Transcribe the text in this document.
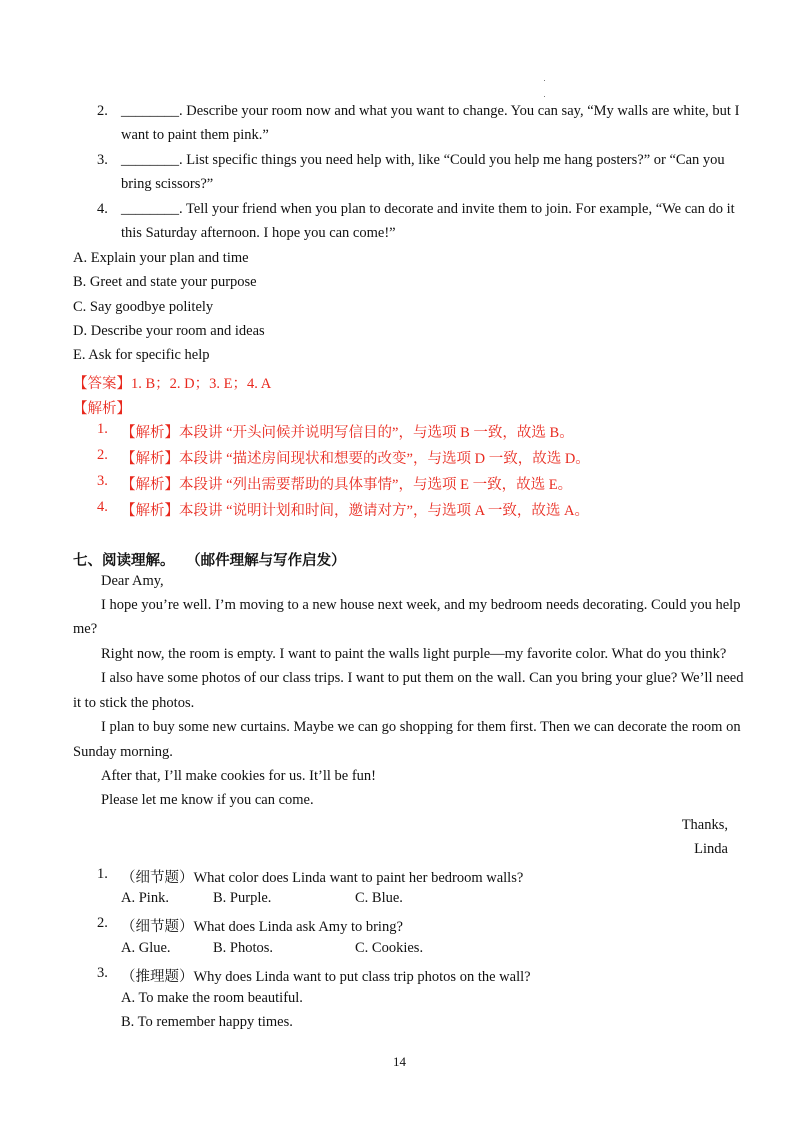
2. ________. Describe your room now and what you want to change. You can say, “My walls are white, but I
want to paint them pink.”
3. ________. List specific things you need help with, like “Could you help me hang posters?” or “Can you
bring scissors?”
4. ________. Tell your friend when you plan to decorate and invite them to join. For example, “We can do it
this Saturday afternoon. I hope you can come!”
A. Explain your plan and time
B. Greet and state your purpose
C. Say goodbye politely
D. Describe your room and ideas
E. Ask for specific help
【答案】1. B；2. D；3. E；4. A
【解析】
1. 【解析】本段讲 “开头问候并说明写信目的”，与选项 B 一致，故选 B。
2. 【解析】本段讲 “描述房间现状和想要的改变”，与选项 D 一致，故选 D。
3. 【解析】本段讲 “列出需要帮助的具体事情”，与选项 E 一致，故选 E。
4. 【解析】本段讲 “说明计划和时间，邀请对方”，与选项 A 一致，故选 A。
七、阅读理解。 （邮件理解与写作启发）
Dear Amy,
I hope you’re well. I’m moving to a new house next week, and my bedroom needs decorating. Could you help
me?
Right now, the room is empty. I want to paint the walls light purple—my favorite color. What do you think?
I also have some photos of our class trips. I want to put them on the wall. Can you bring your glue? We’ll need
it to stick the photos.
I plan to buy some new curtains. Maybe we can go shopping for them first. Then we can decorate the room on
Sunday morning.
After that, I’ll make cookies for us. It’ll be fun!
Please let me know if you can come.
Thanks,
Linda
1. （细节题）What color does Linda want to paint her bedroom walls?
A. Pink.	B. Purple.	C. Blue.
2. （细节题）What does Linda ask Amy to bring?
A. Glue.	B. Photos.	C. Cookies.
3. （推理题）Why does Linda want to put class trip photos on the wall?
A. To make the room beautiful.
B. To remember happy times.
14
